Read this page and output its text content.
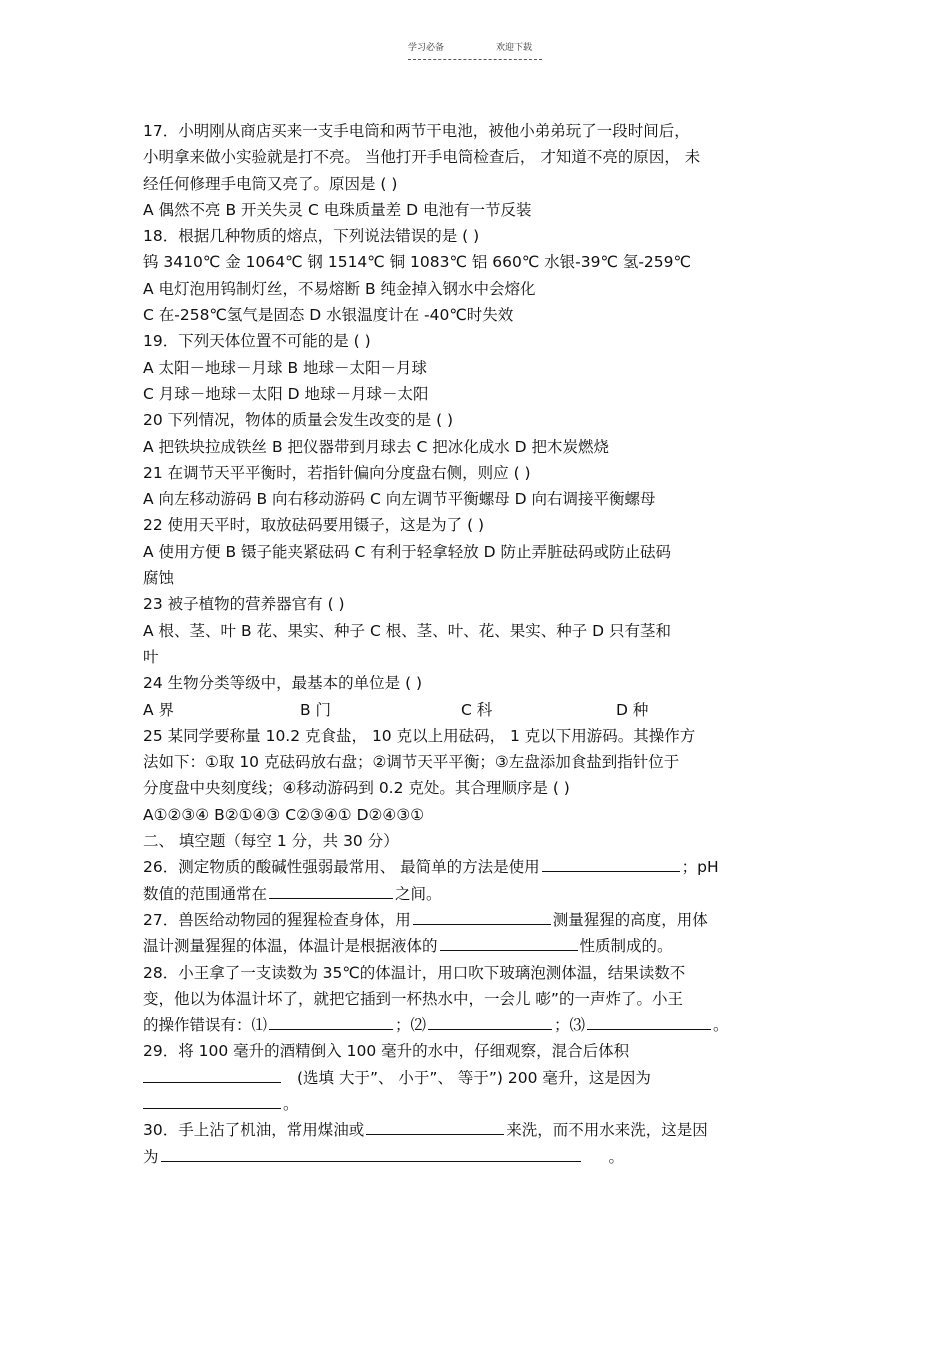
学习必备	欢迎下载
17．小明刚从商店买来一支手电筒和两节干电池，被他小弟弟玩了一段时间后，
小明拿来做小实验就是打不亮。 当他打开手电筒检查后， 才知道不亮的原因， 未
经任何修理手电筒又亮了。原因是 ( )
A 偶然不亮 B 开关失灵 C 电珠质量差 D 电池有一节反装
18．根据几种物质的熔点，下列说法错误的是 ( )
钨 3410℃ 金 1064℃ 钢 1514℃ 铜 1083℃ 铝 660℃ 水银-39℃ 氢-259℃
A 电灯泡用钨制灯丝，不易熔断 B 纯金掉入钢水中会熔化
C 在-258℃氢气是固态 D 水银温度计在 -40℃时失效
19．下列天体位置不可能的是 ( )
A 太阳－地球－月球 B 地球－太阳－月球
C 月球－地球－太阳 D 地球－月球－太阳
20 下列情况，物体的质量会发生改变的是 ( )
A 把铁块拉成铁丝 B 把仪器带到月球去 C 把冰化成水 D 把木炭燃烧
21 在调节天平平衡时，若指针偏向分度盘右侧，则应 ( )
A 向左移动游码 B 向右移动游码 C 向左调节平衡螺母 D 向右调接平衡螺母
22 使用天平时，取放砝码要用镊子，这是为了 ( )
A 使用方便 B 镊子能夹紧砝码 C 有利于轻拿轻放 D 防止弄脏砝码或防止砝码
腐蚀
23 被子植物的营养器官有 ( )
A 根、茎、叶 B 花、果实、种子 C 根、茎、叶、花、果实、种子 D 只有茎和
叶
24 生物分类等级中，最基本的单位是 ( )
A 界	B 门	C 科	D 种
25 某同学要称量 10.2 克食盐， 10 克以上用砝码， 1 克以下用游码。其操作方
法如下：①取 10 克砝码放右盘；②调节天平平衡；③左盘添加食盐到指针位于
分度盘中央刻度线；④移动游码到 0.2 克处。其合理顺序是 ( )
A①②③④ B②①④③ C②③④① D②④③①
二、 填空题（每空 1 分，共 30 分）
26．测定物质的酸碱性强弱最常用、 最简单的方法是使用	；pH
数值的范围通常在	之间。
27．兽医给动物园的猩猩检查身体，用	测量猩猩的高度，用体
温计测量猩猩的体温，体温计是根据液体的	性质制成的。
28．小王拿了一支读数为 35℃的体温计，用口吹下玻璃泡测体温，结果读数不
变，他以为体温计坏了，就把它插到一杯热水中，一会儿 嘭”的一声炸了。小王
的操作错误有：⑴	；⑵	；⑶	。
29．将 100 毫升的酒精倒入 100 毫升的水中，仔细观察，混合后体积
(选填 大于”、 小于”、 等于”) 200 毫升，这是因为
。
30．手上沾了机油，常用煤油或	来洗，而不用水来洗，这是因
为	。
